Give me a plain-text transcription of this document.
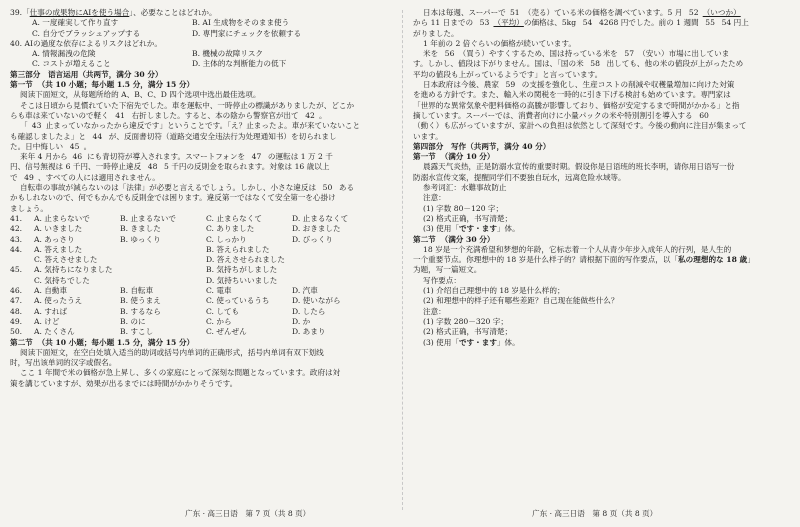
39.「仕事の成果物にAIを使う場合」、必要なことはどれか。
A. 一度確実して作り直す	B. AI 生成物をそのまま使う
C. 自分でブラッシュアップする	D. 専門家にチェックを依頼する
40. AIの過度な依存によるリスクはどれか。
A. 情報漏洩の危険	B. 機械の故障リスク
C. コストが増えること	D. 主体的な判断能力の低下
第三部分　语言运用（共两节，满分 30 分）
第一节 （共 10 小题；每小题 1.5 分，满分 15 分）
阅读下面短文，从每题所给的 A、B、C、D 四个选项中选出最佳选项。
そこは日頃から見慣れていた下宿先でした。車を運転中、一時停止の標識がありましたが、どこか
らも車は来ていないので軽く 41 右折しました。すると、本の陰から警察官が出て 42 。
「 43 止まっていなかったから違反です」ということです。「え？止まったよ。車が来ていないこと
も確認しましたよ」と 44 が、反面書切符（道路交通安全违法行为处理通知书）を切られまし
た。日中悔しい 45 。
来年 4 月から 46 にも青切符が導入されます。スマートフォンを 47 の運転は 1 万 2 千
円、信号無視は 6 千円、一時停止違反 48 5 千円の反則金を取られます。対象は 16 歳以上
で 49 、すべての人には適用されません。
自転車の事故が減らないのは「法律」が必要と言えるでしょう。しかし、小さな違反は 50 ある
かもしれないので、何でもかんでも反則金では困ります。違反第一ではなくて安全第一を心掛け
ましょう。
41.	A. 止まらないで	B. 止まるないで	C. 止まらなくて	D. 止まるなくて
42.	A. いきました	B. きました	C. ありました	D. おきました
43.	A. あっさり	B. ゆっくり	C. しっかり	D. びっくり
44.	A. 答えました	B. 答えられました
C. 答えさせました	D. 答えさせられました
45.	A. 気持ちになりました	B. 気持ちがしました
C. 気持ちでした	D. 気持ちいいました
46.	A. 自動車	B. 自転車	C. 電車	D. 汽車
47.	A. 使ったうえ	B. 使うまえ	C. 使っているうち	D. 使いながら
48.	A. すれば	B. するなら	C. しても	D. したら
49.	A. けど	B. のに	C. から	D. か
50.	A. たくさん	B. すこし	C. ぜんぜん	D. あまり
第二节 （共 10 小题；每小题 1.5 分，满分 15 分）
阅读下面短文，在空白处填入适当的助词或括号内单词的正确形式，括号内单词有双下划线
时，写出该单词的汉字或假名。
ここ 1 年間で米の価格が急上昇し、多くの家庭にとって深刻な問題となっています。政府は対
策を講じていますが、効果が出るまでには時間がかかりそうです。
日本は毎週、スーパーで 51 （売る）ている米の価格を調べています。5 月 52 （いつか）
から 11 日までの 53 （平均）の価格は、5kg 54 4268 円でした。前の 1 週間 55 54 円上
がりました。
1 年前の 2 倍ぐらいの価格が続いています。
米を 56 （買う）やすくするため、国は持っている米を 57 （安い）市場に出していま
す。しかし、値段は下がりません。国は、「国の米 58 出しても、他の米の値段が上がったため
平均の値段も上がっているようです」と言っています。
日本政府は今後、農家 59 の支援を強化し、生産コストの削減や収穫量増加に向けた対策
を進める方針です。また、輸入米の関税を一時的に引き下げる検討も始めています。専門家は
「世界的な異常気象や肥料価格の高騰が影響しており、価格が安定するまで時間がかかる」と指
摘しています。スーパーでは、消費者向けに小量パックの米や特別割引を導入する 60
（動く）も広がっていますが、家計への負担は依然として深刻です。今後の動向に注目が集まって
います。
第四部分　写作（共两节，满分 40 分）
第一节 （满分 10 分）
晨露天气炎热，正是防溺水宣传的重要时期。假设你是日语班的班长李明，请你用日语写一份
防溺水宣传文案，提醒同学们不要独自玩水，远离危险水域等。
参考词汇：水難事故防止
注意：
(1) 字数 80－120 字；
(2) 格式正确，书写清楚；
(3) 使用「です・ます」体。
第二节 （满分 30 分）
18 岁是一个充满希望和梦想的年龄，它标志着一个人从青少年步入成年人的行列，是人生的
一个重要节点。你理想中的 18 岁是什么样子的？请根据下面的写作要点，以「私の理想的な 18 歳」
为题，写一篇短文。
写作要点：
(1) 介绍自己理想中的 18 岁是什么样的；
(2) 和理想中的样子还有哪些差距？自己现在能做些什么？
注意：
(1) 字数 280－320 字；
(2) 格式正确，书写清楚；
(3) 使用「です・ます」体。
广东 · 高三日语　第 7 页（共 8 页）	广东 · 高三日语　第 8 页（共 8 页）
